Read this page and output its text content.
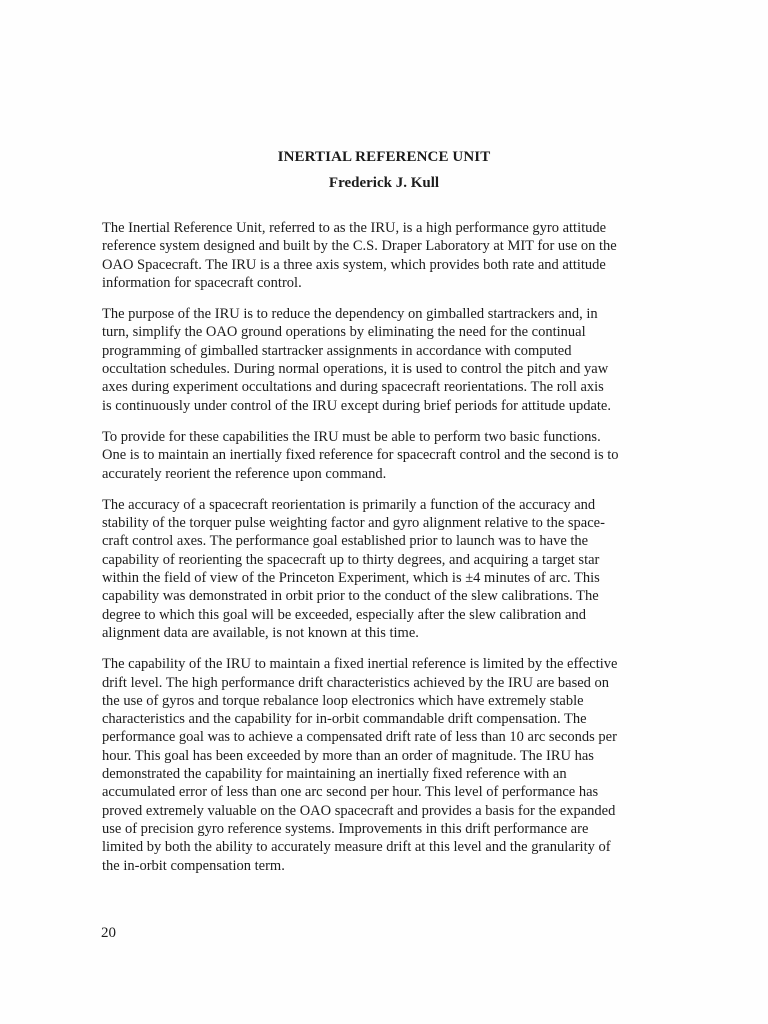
INERTIAL REFERENCE UNIT
Frederick J. Kull

The Inertial Reference Unit, referred to as the IRU, is a high performance gyro attitude
reference system designed and built by the C.S. Draper Laboratory at MIT for use on the
OAO Spacecraft. The IRU is a three axis system, which provides both rate and attitude
information for spacecraft control.

The purpose of the IRU is to reduce the dependency on gimballed startrackers and, in
turn, simplify the OAO ground operations by eliminating the need for the continual
programming of gimballed startracker assignments in accordance with computed
occultation schedules. During normal operations, it is used to control the pitch and yaw
axes during experiment occultations and during spacecraft reorientations. The roll axis
is continuously under control of the IRU except during brief periods for attitude update.

To provide for these capabilities the IRU must be able to perform two basic functions.
One is to maintain an inertially fixed reference for spacecraft control and the second is to
accurately reorient the reference upon command.

The accuracy of a spacecraft reorientation is primarily a function of the accuracy and
stability of the torquer pulse weighting factor and gyro alignment relative to the space-
craft control axes. The performance goal established prior to launch was to have the
capability of reorienting the spacecraft up to thirty degrees, and acquiring a target star
within the field of view of the Princeton Experiment, which is ±4 minutes of arc. This
capability was demonstrated in orbit prior to the conduct of the slew calibrations. The
degree to which this goal will be exceeded, especially after the slew calibration and
alignment data are available, is not known at this time.

The capability of the IRU to maintain a fixed inertial reference is limited by the effective
drift level. The high performance drift characteristics achieved by the IRU are based on
the use of gyros and torque rebalance loop electronics which have extremely stable
characteristics and the capability for in-orbit commandable drift compensation. The
performance goal was to achieve a compensated drift rate of less than 10 arc seconds per
hour. This goal has been exceeded by more than an order of magnitude. The IRU has
demonstrated the capability for maintaining an inertially fixed reference with an
accumulated error of less than one arc second per hour. This level of performance has
proved extremely valuable on the OAO spacecraft and provides a basis for the expanded
use of precision gyro reference systems. Improvements in this drift performance are
limited by both the ability to accurately measure drift at this level and the granularity of
the in-orbit compensation term.

20
